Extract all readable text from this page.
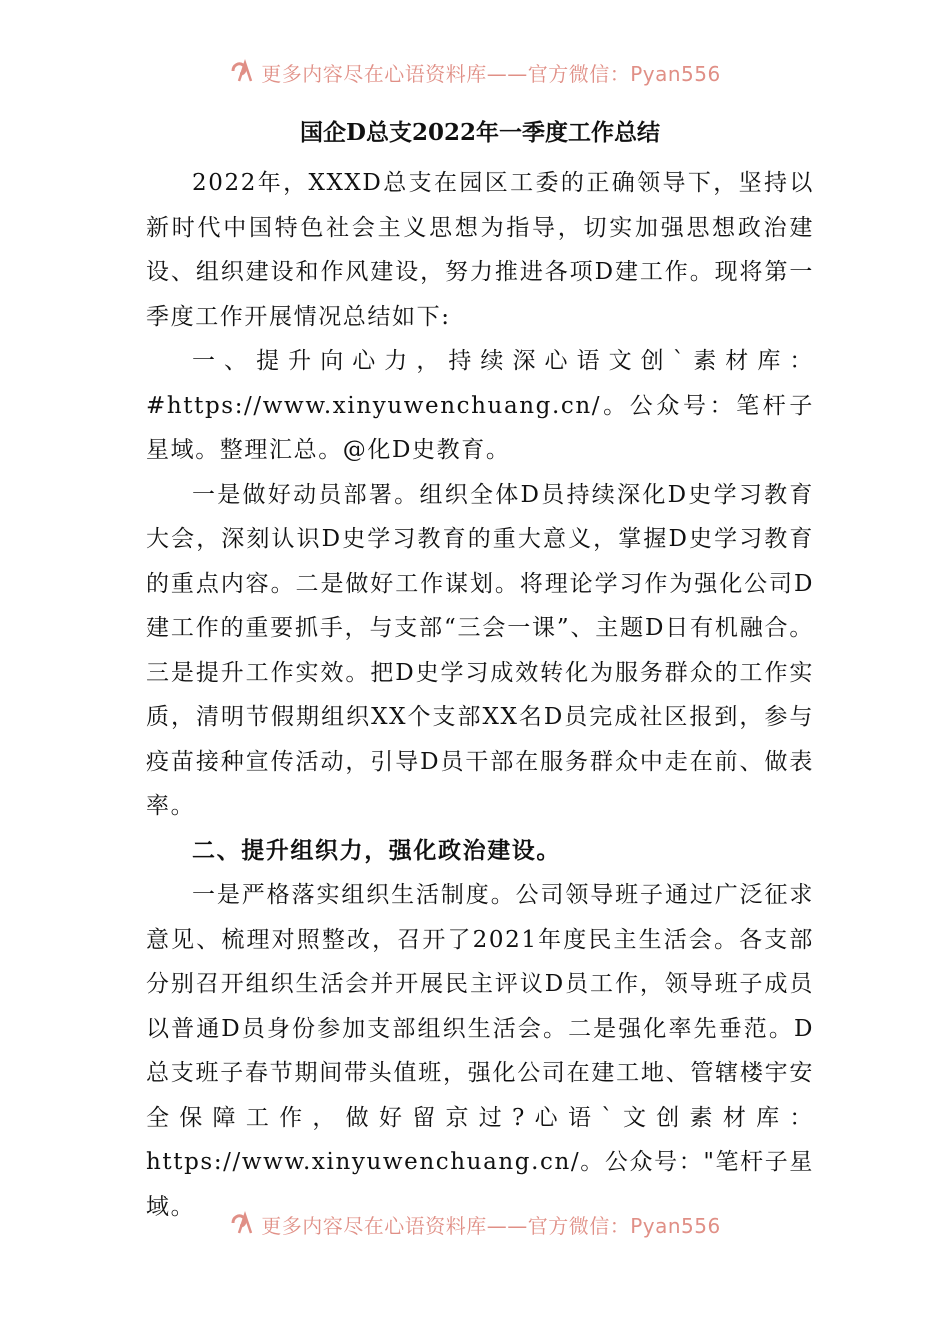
更多内容尽在心语资料库——官方微信：Pyan556
国企D总支2022年一季度工作总结

2022年，XXXD总支在园区工委的正确领导下，坚持以新时代中国特色社会主义思想为指导，切实加强思想政治建设、组织建设和作风建设，努力推进各项D建工作。现将第一季度工作开展情况总结如下:

一、提升向心力，持续深心语文创`素材库：#https://www.xinyuwenchuang.cn/。公众号：笔杆子星域。整理汇总。@化D史教育。

一是做好动员部署。组织全体D员持续深化D史学习教育大会，深刻认识D史学习教育的重大意义，掌握D史学习教育的重点内容。二是做好工作谋划。将理论学习作为强化公司D建工作的重要抓手，与支部“三会一课”、主题D日有机融合。三是提升工作实效。把D史学习成效转化为服务群众的工作实质，清明节假期组织XX个支部XX名D员完成社区报到，参与疫苗接种宣传活动，引导D员干部在服务群众中走在前、做表率。

二、提升组织力，强化政治建设。

一是严格落实组织生活制度。公司领导班子通过广泛征求意见、梳理对照整改，召开了2021年度民主生活会。各支部分别召开组织生活会并开展民主评议D员工作，领导班子成员以普通D员身份参加支部组织生活会。二是强化率先垂范。D总支班子春节期间带头值班，强化公司在建工地、管辖楼宇安全保障工作，做好留京过?心语`文创素材库：https://www.xinyuwenchuang.cn/。公众号："笔杆子星域。

更多内容尽在心语资料库——官方微信：Pyan556
